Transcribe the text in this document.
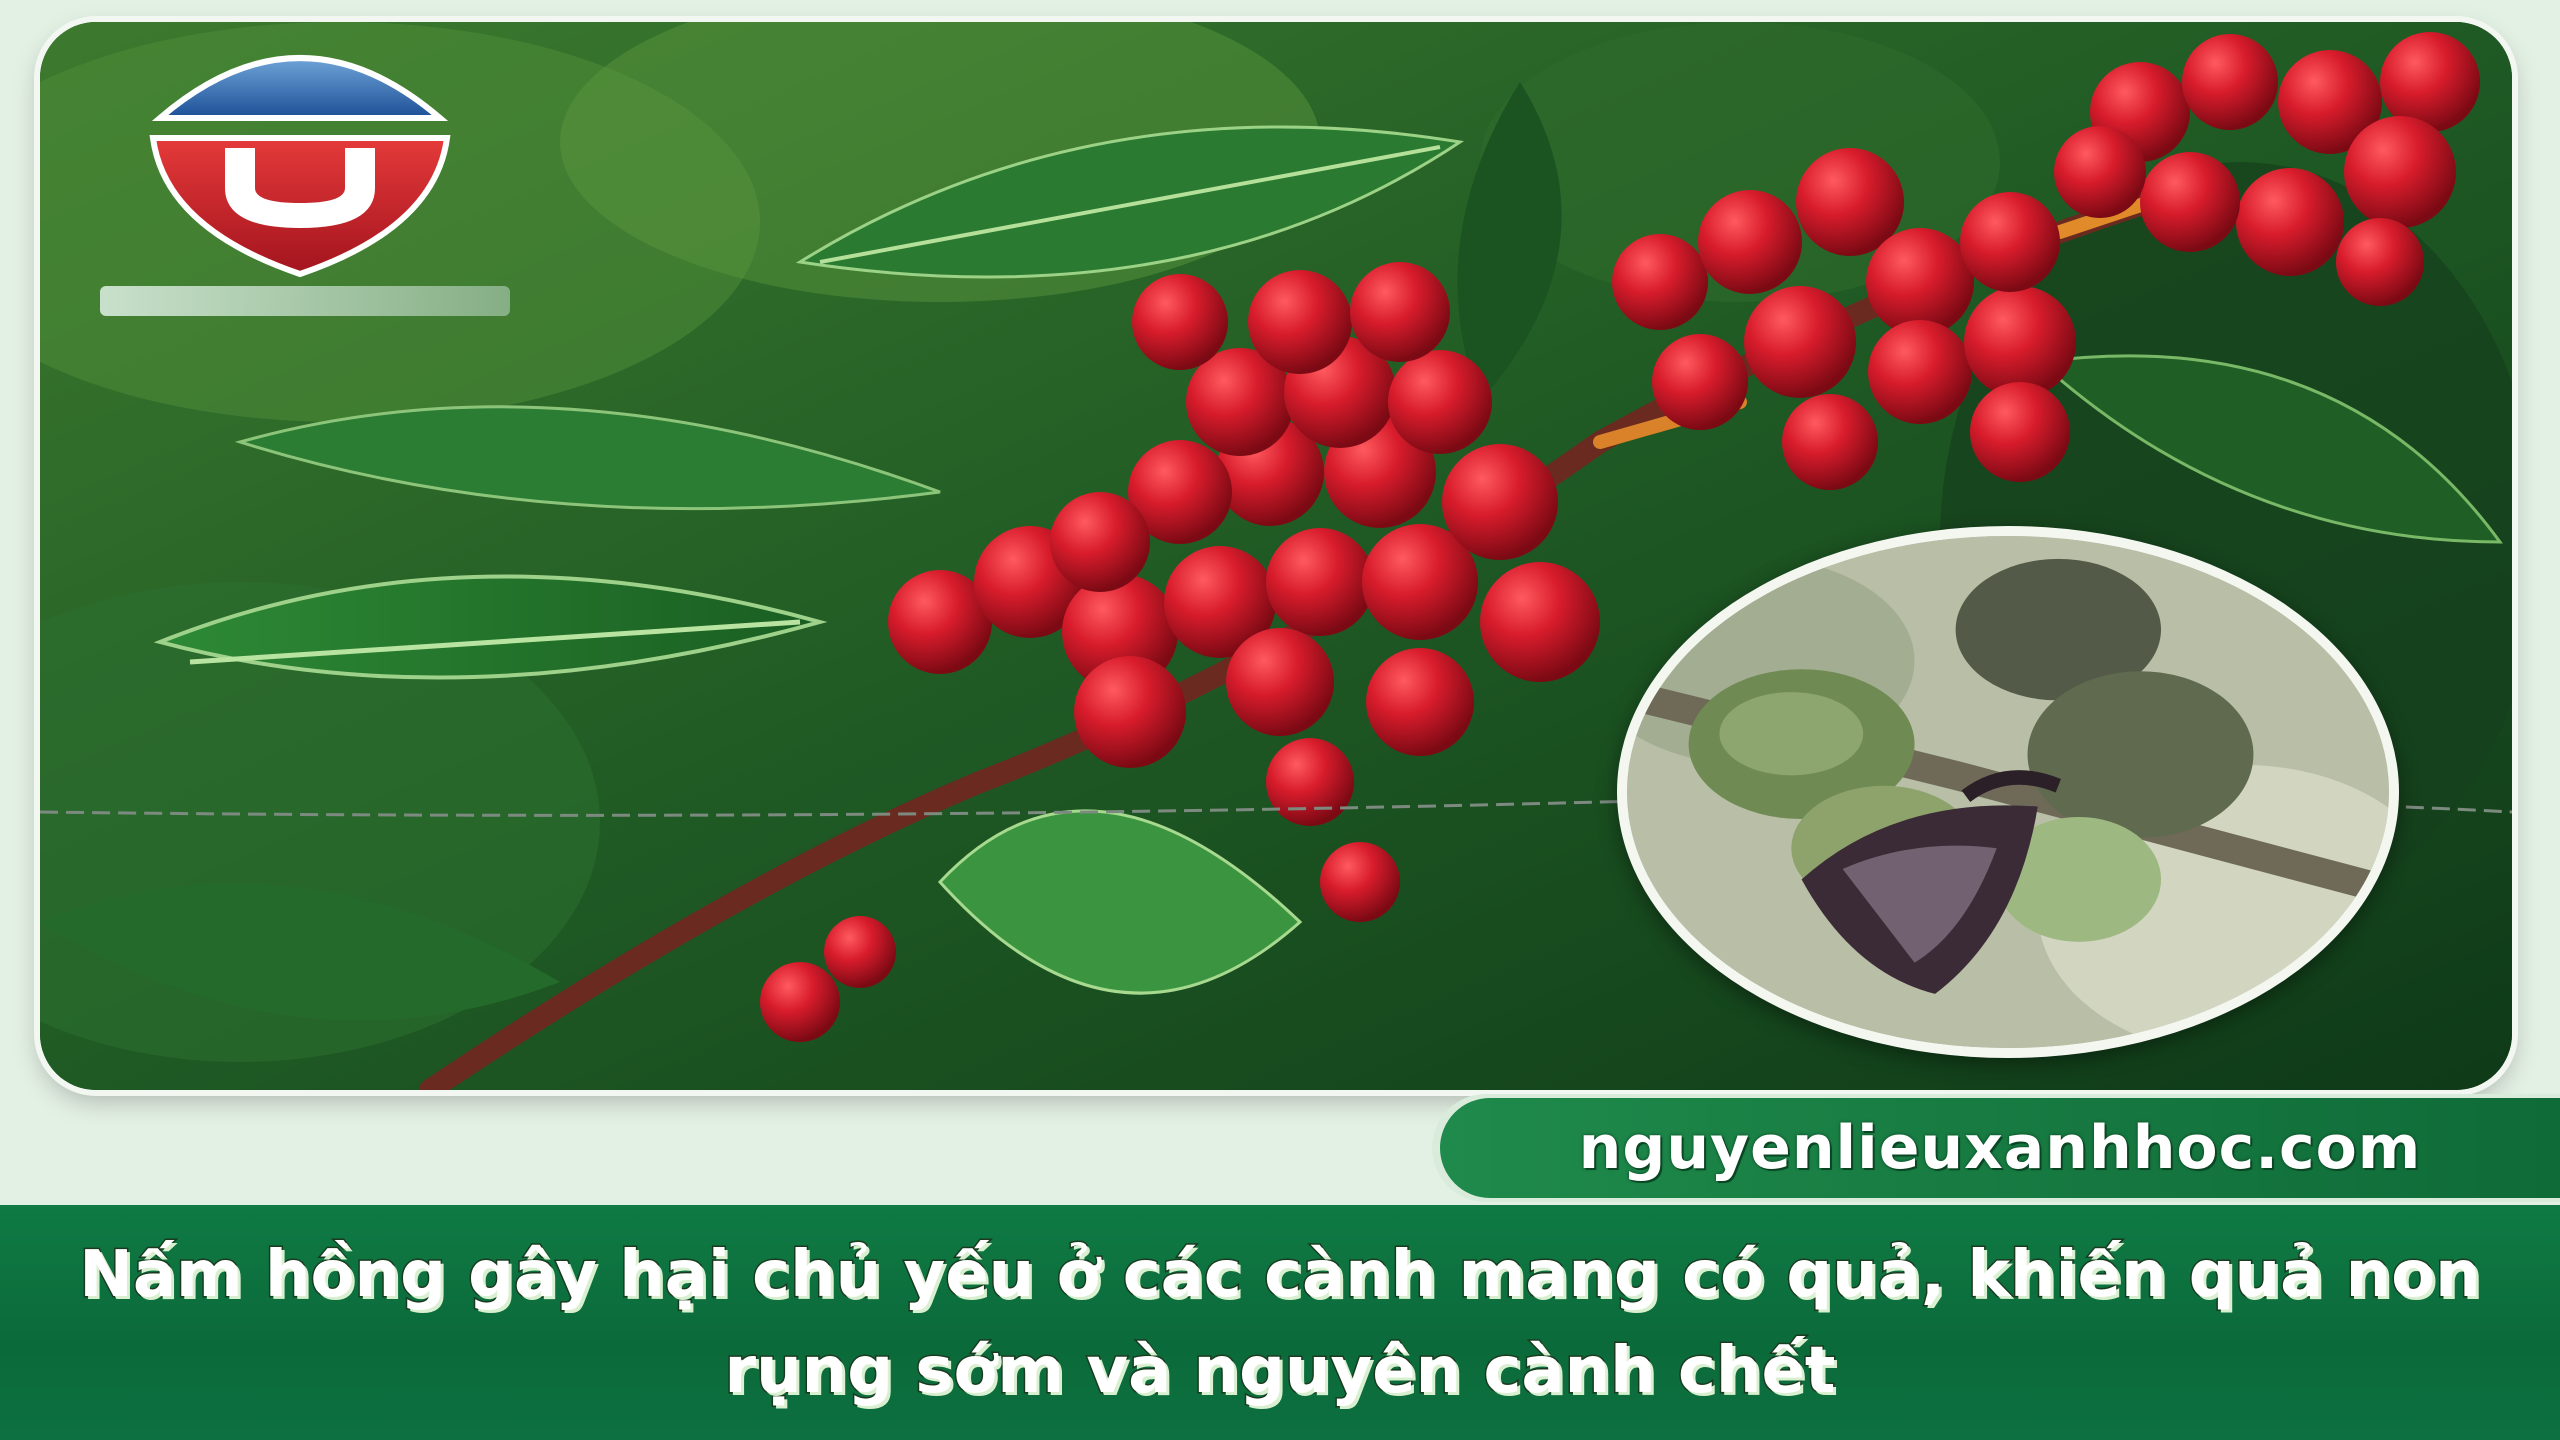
nguyenlieuxanhhoc.com

Nấm hồng gây hại chủ yếu ở các cành mang có quả, khiến quả non rụng sớm và nguyên cành chết
